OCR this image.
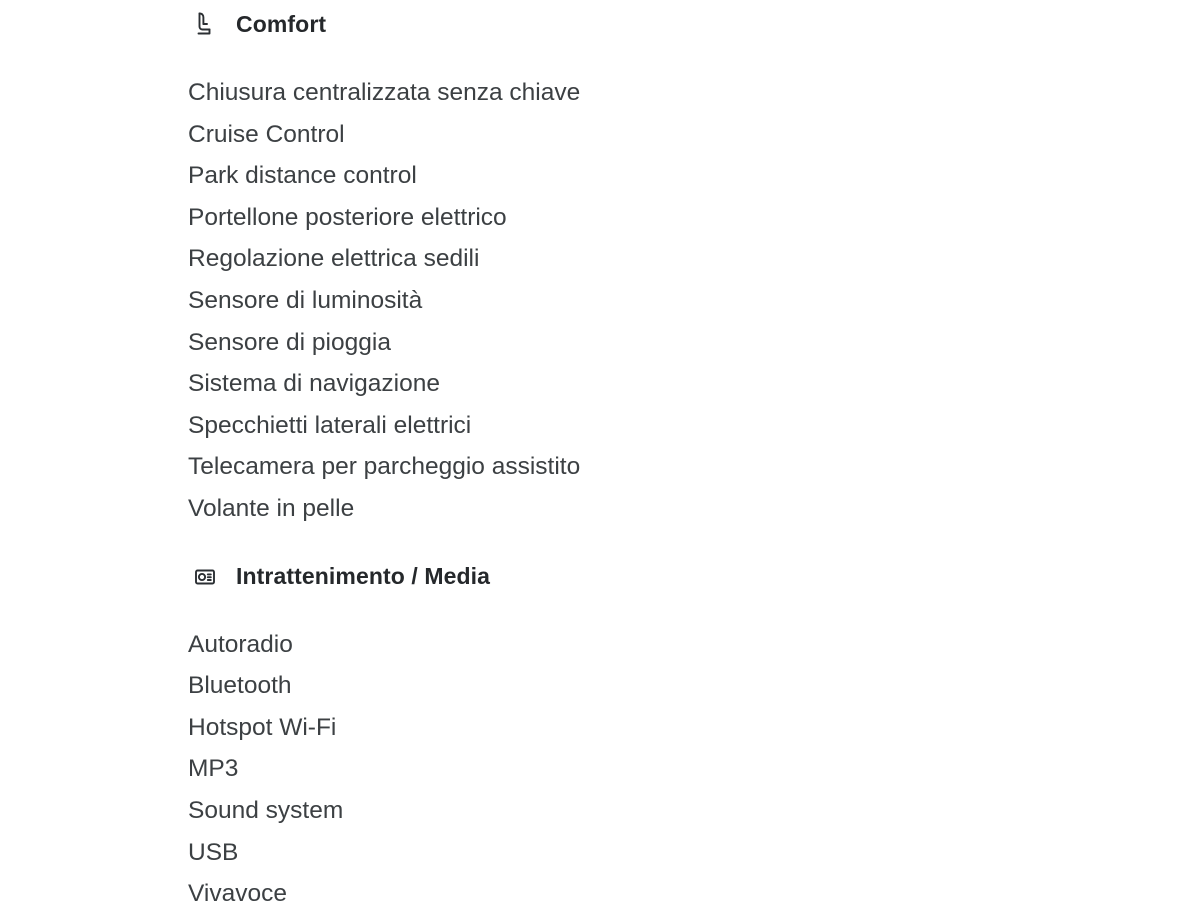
Comfort
Chiusura centralizzata senza chiave
Cruise Control
Park distance control
Portellone posteriore elettrico
Regolazione elettrica sedili
Sensore di luminosità
Sensore di pioggia
Sistema di navigazione
Specchietti laterali elettrici
Telecamera per parcheggio assistito
Volante in pelle
Intrattenimento / Media
Autoradio
Bluetooth
Hotspot Wi-Fi
MP3
Sound system
USB
Vivavoce
